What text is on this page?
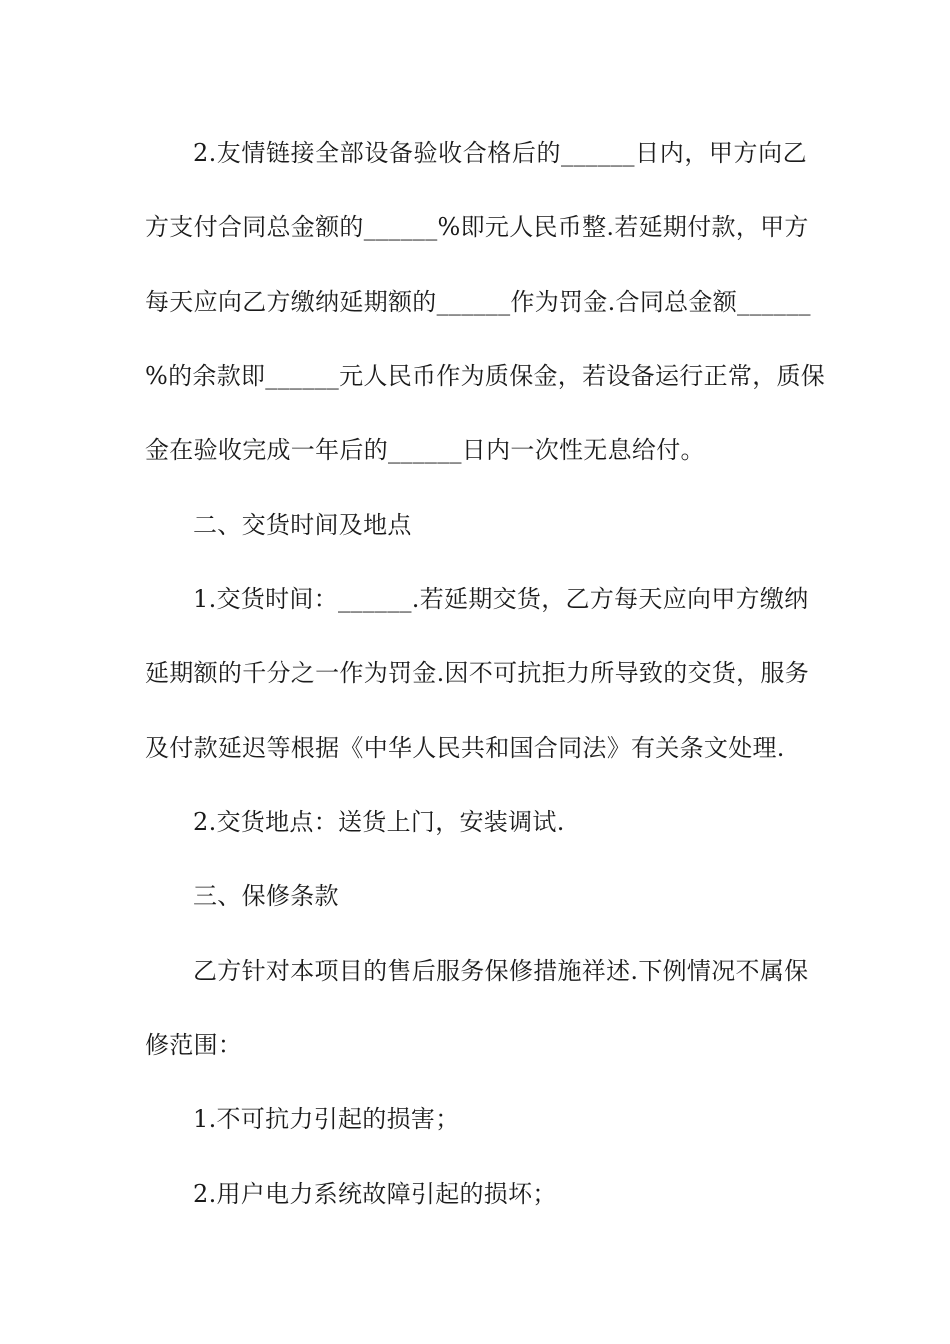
2.友情链接全部设备验收合格后的______日内，甲方向乙
方支付合同总金额的______%即元人民币整.若延期付款，甲方
每天应向乙方缴纳延期额的______作为罚金.合同总金额______
%的余款即______元人民币作为质保金，若设备运行正常，质保
金在验收完成一年后的______日内一次性无息给付。
二、交货时间及地点
1.交货时间：______.若延期交货，乙方每天应向甲方缴纳
延期额的千分之一作为罚金.因不可抗拒力所导致的交货，服务
及付款延迟等根据《中华人民共和国合同法》有关条文处理.
2.交货地点：送货上门，安装调试.
三、保修条款
乙方针对本项目的售后服务保修措施祥述.下例情况不属保
修范围：
1.不可抗力引起的损害；
2.用户电力系统故障引起的损坏；
